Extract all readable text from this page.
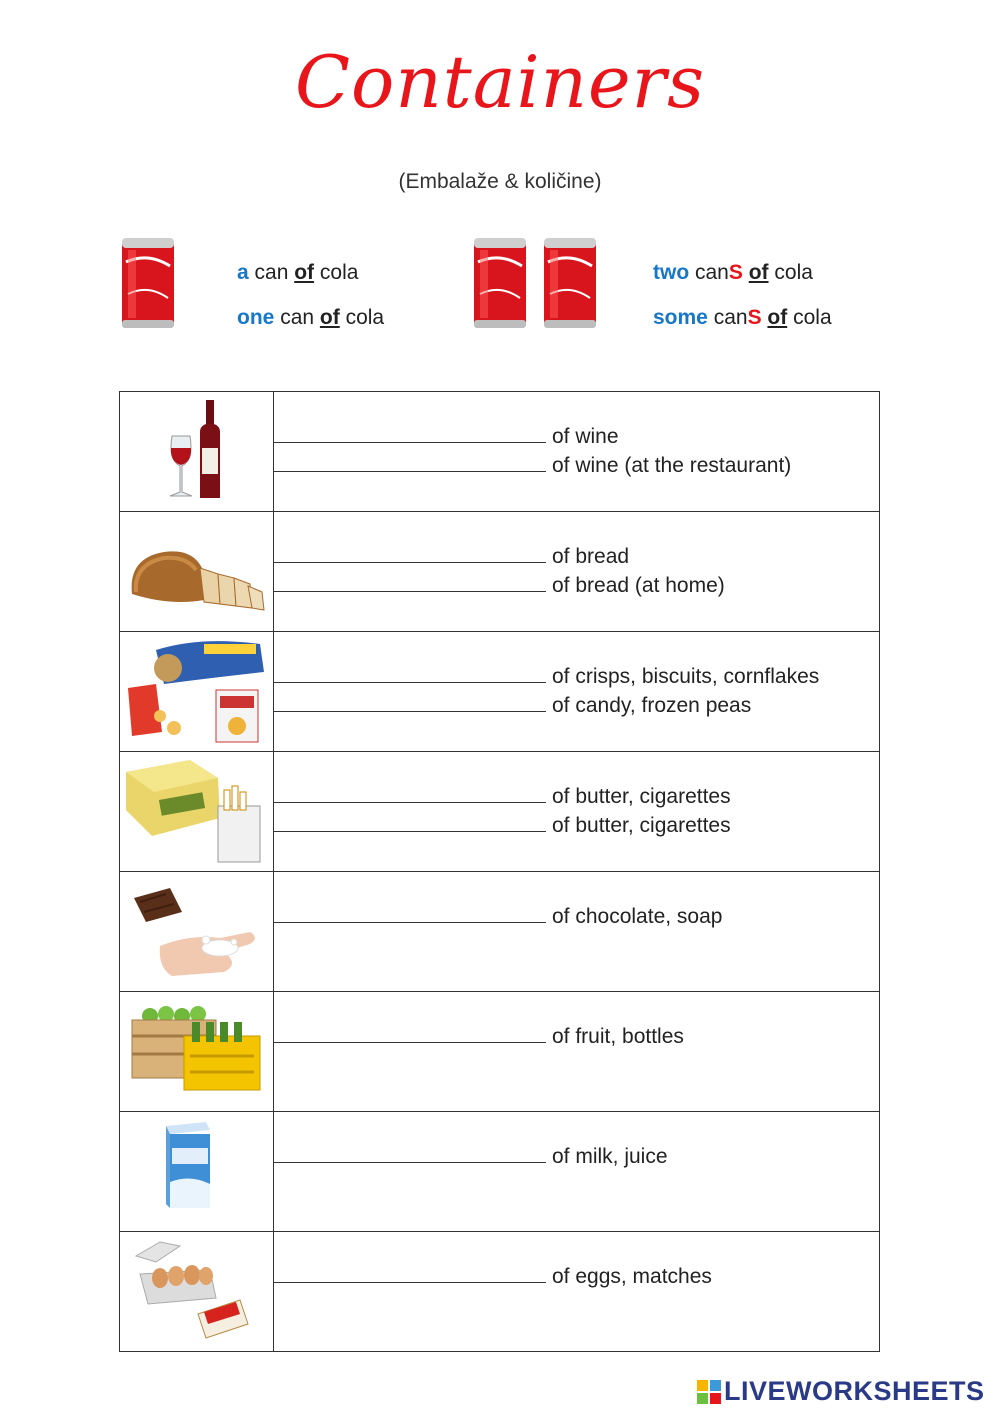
Containers
(Embalaže & količine)
a can of cola
one can of cola
two canS of cola
some canS of cola

of wine
of wine (at the restaurant)

of bread
of bread (at home)

of crisps, biscuits, cornflakes
of candy, frozen peas

of butter, cigarettes
of butter, cigarettes

of chocolate, soap

of fruit, bottles

of milk, juice

of eggs, matches
LIVEWORKSHEETS
